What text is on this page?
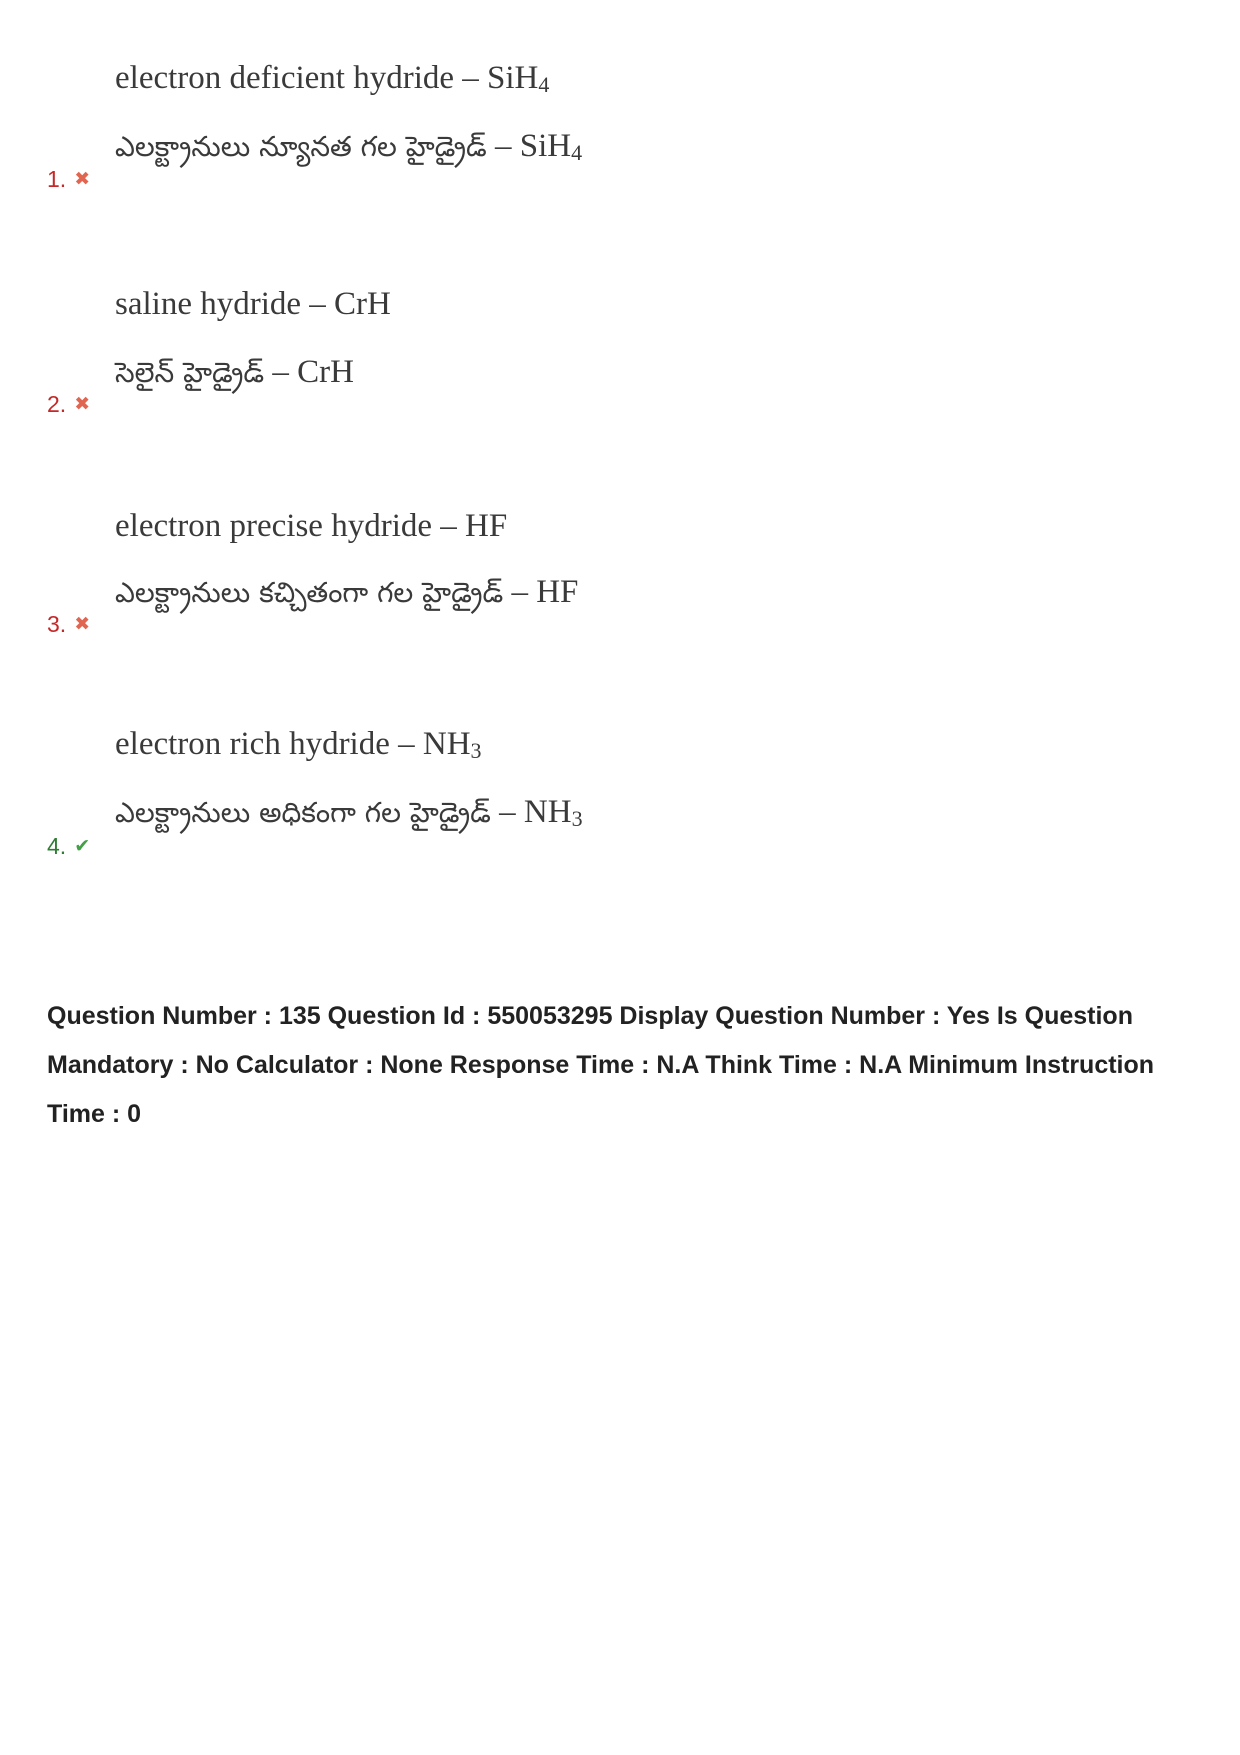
electron deficient hydride – SiH$_4$
ఎలక్ట్రానులు న్యూనత గల హైడ్రైడ్ – SiH$_4$
1. ✖
saline hydride – CrH
సెలైన్ హైడ్రైడ్ – CrH
2. ✖
electron precise hydride – HF
ఎలక్ట్రానులు కచ్చితంగా గల హైడ్రైడ్ – HF
3. ✖
electron rich hydride – $NH_3$
ఎలక్ట్రానులు అధికంగా గల హైడ్రైడ్ – $NH_3$
4. ✔
Question Number : 135 Question Id : 550053295 Display Question Number : Yes Is Question Mandatory : No Calculator : None Response Time : N.A Think Time : N.A Minimum Instruction Time : 0
